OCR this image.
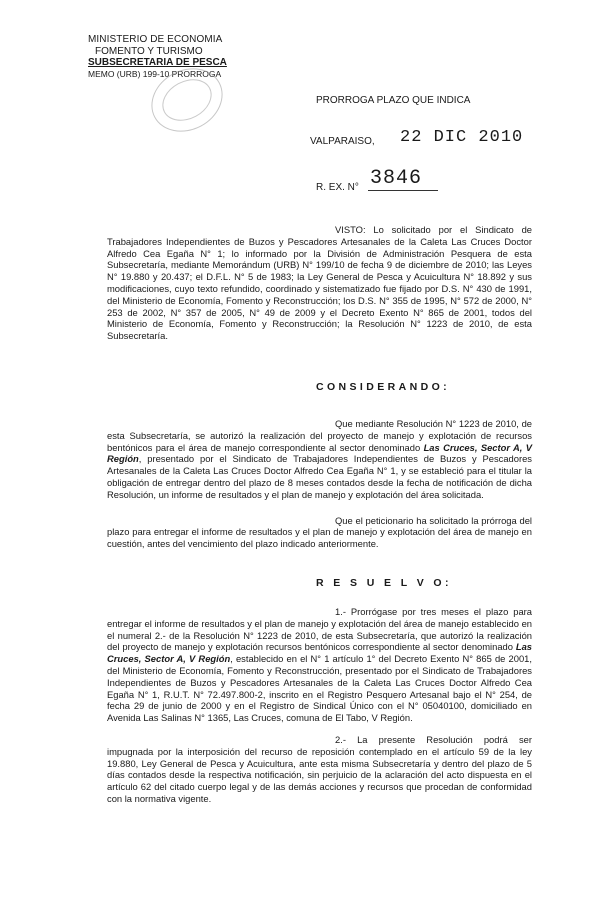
MINISTERIO DE ECONOMIA
FOMENTO Y TURISMO
SUBSECRETARIA DE PESCA
MEMO (URB) 199-10 PRORROGA
PRORROGA PLAZO QUE INDICA
VALPARAISO, 22 DIC 2010
R. EX. N° 3846

VISTO: Lo solicitado por el Sindicato de Trabajadores Independientes de Buzos y Pescadores Artesanales de la Caleta Las Cruces Doctor Alfredo Cea Egaña N° 1; lo informado por la División de Administración Pesquera de esta Subsecretaría, mediante Memorándum (URB) N° 199/10 de fecha 9 de diciembre de 2010; las Leyes N° 19.880 y 20.437; el D.F.L. N° 5 de 1983; la Ley General de Pesca y Acuicultura N° 18.892 y sus modificaciones, cuyo texto refundido, coordinado y sistematizado fue fijado por D.S. N° 430 de 1991, del Ministerio de Economía, Fomento y Reconstrucción; los D.S. N° 355 de 1995, N° 572 de 2000, N° 253 de 2002, N° 357 de 2005, N° 49 de 2009 y el Decreto Exento N° 865 de 2001, todos del Ministerio de Economía, Fomento y Reconstrucción; la Resolución N° 1223 de 2010, de esta Subsecretaría.

CONSIDERANDO:

Que mediante Resolución N° 1223 de 2010, de esta Subsecretaría, se autorizó la realización del proyecto de manejo y explotación de recursos bentónicos para el área de manejo correspondiente al sector denominado Las Cruces, Sector A, V Región, presentado por el Sindicato de Trabajadores Independientes de Buzos y Pescadores Artesanales de la Caleta Las Cruces Doctor Alfredo Cea Egaña N° 1, y se estableció para el titular la obligación de entregar dentro del plazo de 8 meses contados desde la fecha de notificación de dicha Resolución, un informe de resultados y el plan de manejo y explotación del área solicitada.

Que el peticionario ha solicitado la prórroga del plazo para entregar el informe de resultados y el plan de manejo y explotación del área de manejo en cuestión, antes del vencimiento del plazo indicado anteriormente.

R E S U E L V O:

1.- Prorrógase por tres meses el plazo para entregar el informe de resultados y el plan de manejo y explotación del área de manejo establecido en el numeral 2.- de la Resolución N° 1223 de 2010, de esta Subsecretaría, que autorizó la realización del proyecto de manejo y explotación recursos bentónicos correspondiente al sector denominado Las Cruces, Sector A, V Región, establecido en el N° 1 artículo 1° del Decreto Exento N° 865 de 2001, del Ministerio de Economía, Fomento y Reconstrucción, presentado por el Sindicato de Trabajadores Independientes de Buzos y Pescadores Artesanales de la Caleta Las Cruces Doctor Alfredo Cea Egaña N° 1, R.U.T. N° 72.497.800-2, inscrito en el Registro Pesquero Artesanal bajo el N° 254, de fecha 29 de junio de 2000 y en el Registro de Sindical Único con el N° 05040100, domiciliado en Avenida Las Salinas N° 1365, Las Cruces, comuna de El Tabo, V Región.

2.- La presente Resolución podrá ser impugnada por la interposición del recurso de reposición contemplado en el artículo 59 de la ley 19.880, Ley General de Pesca y Acuicultura, ante esta misma Subsecretaría y dentro del plazo de 5 días contados desde la respectiva notificación, sin perjuicio de la aclaración del acto dispuesta en el artículo 62 del citado cuerpo legal y de las demás acciones y recursos que procedan de conformidad con la normativa vigente.
